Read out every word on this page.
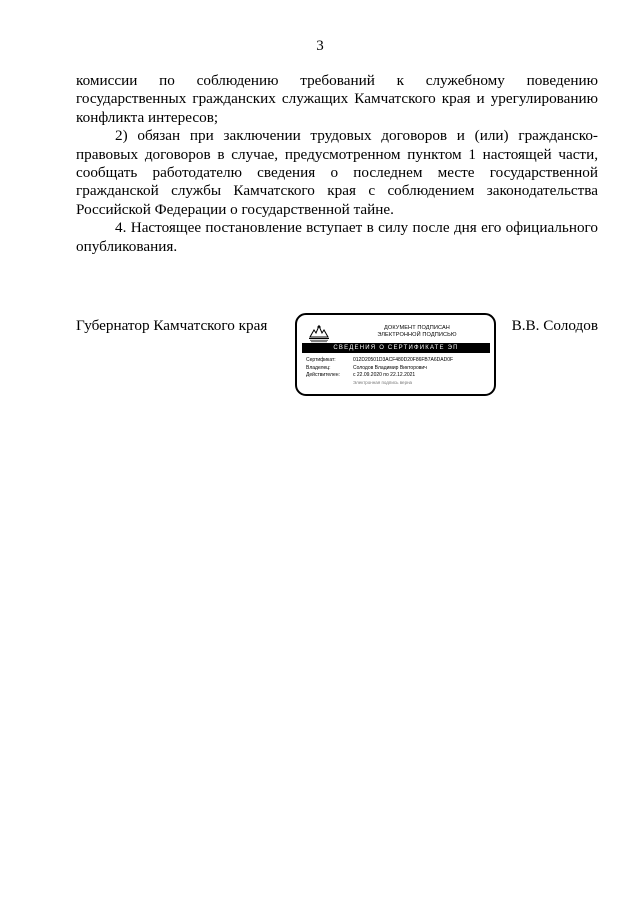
3

комиссии по соблюдению требований к служебному поведению государственных гражданских служащих Камчатского края и урегулированию конфликта интересов;

2) обязан при заключении трудовых договоров и (или) гражданско-правовых договоров в случае, предусмотренном пунктом 1 настоящей части, сообщать работодателю сведения о последнем месте государственной гражданской службы Камчатского края с соблюдением законодательства Российской Федерации о государственной тайне.

4. Настоящее постановление вступает в силу после дня его официального опубликования.

Губернатор Камчатского края	ДОКУМЕНТ ПОДПИСАН
ЭЛЕКТРОННОЙ ПОДПИСЬЮ
СВЕДЕНИЯ О СЕРТИФИКАТЕ ЭП
Сертификат:	012D20501D3ACF480D20F86FB7A6DAD0F
Владелец:	Солодов Владимир Викторович
Действителен:	с 22.09.2020 по 22.12.2021
Электронная подпись верна
В.В. Солодов
